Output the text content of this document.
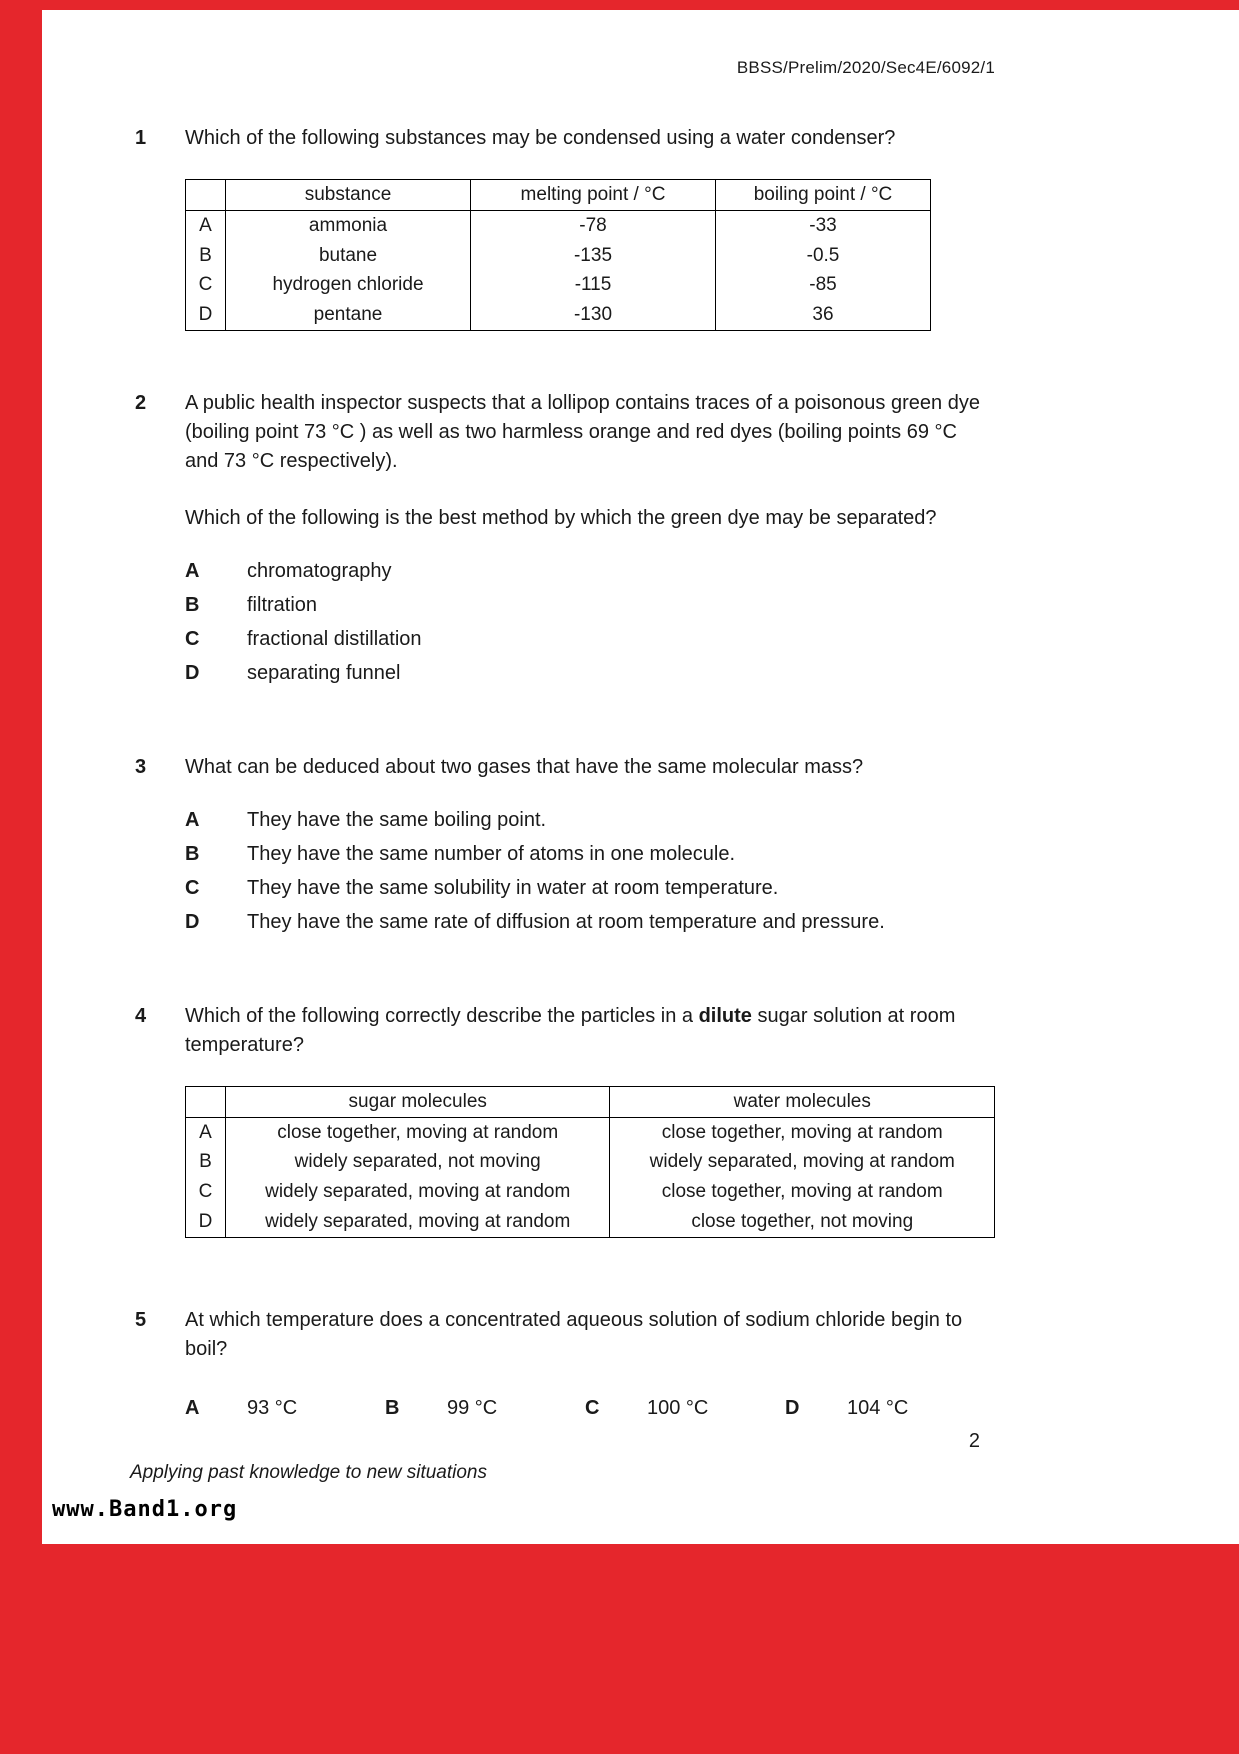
BBSS/Prelim/2020/Sec4E/6092/1
1	Which of the following substances may be condensed using a water condenser?
	substance	melting point / °C	boiling point / °C
A	ammonia	-78	-33
B	butane	-135	-0.5
C	hydrogen chloride	-115	-85
D	pentane	-130	36
2	A public health inspector suspects that a lollipop contains traces of a poisonous green dye (boiling point 73 °C ) as well as two harmless orange and red dyes (boiling points 69 °C and 73 °C respectively).
Which of the following is the best method by which the green dye may be separated?
A	chromatography
B	filtration
C	fractional distillation
D	separating funnel
3	What can be deduced about two gases that have the same molecular mass?
A	They have the same boiling point.
B	They have the same number of atoms in one molecule.
C	They have the same solubility in water at room temperature.
D	They have the same rate of diffusion at room temperature and pressure.
4	Which of the following correctly describe the particles in a dilute sugar solution at room temperature?
	sugar molecules	water molecules
A	close together, moving at random	close together, moving at random
B	widely separated, not moving	widely separated, moving at random
C	widely separated, moving at random	close together, moving at random
D	widely separated, moving at random	close together, not moving
5	At which temperature does a concentrated aqueous solution of sodium chloride begin to boil?
A	93 °C	B	99 °C	C	100 °C	D	104 °C
2
Applying past knowledge to new situations
www.Band1.org
